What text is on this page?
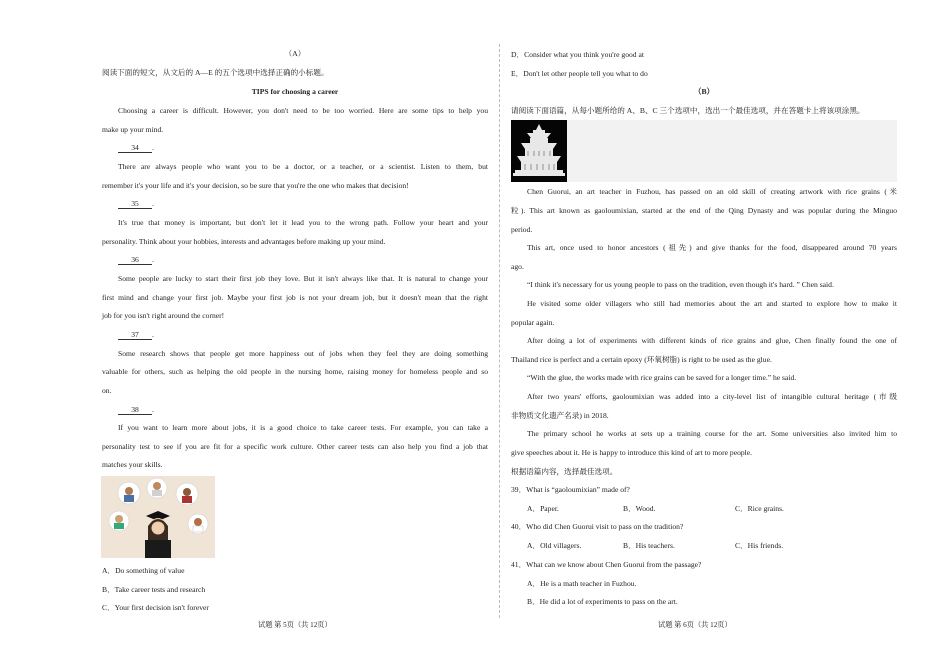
（A）
阅读下面的短文，从文后的 A—E 的五个选项中选择正确的小标题。
TIPS for choosing a career
Choosing a career is difficult. However, you don't need to be too worried. Here are some tips to help you
make up your mind.
34 .
There are always people who want you to be a doctor, or a teacher, or a scientist. Listen to them, but
remember it's your life and it's your decision, so be sure that you're the one who makes that decision!
35 .
It's true that money is important, but don't let it lead you to the wrong path. Follow your heart and your
personality. Think about your hobbies, interests and advantages before making up your mind.
36 .
Some people are lucky to start their first job they love. But it isn't always like that. It is natural to change your
first mind and change your first job. Maybe your first job is not your dream job, but it doesn't mean that the right
job for you isn't right around the corner!
37 .
Some research shows that people get more happiness out of jobs when they feel they are doing something
valuable for others, such as helping the old people in the nursing home, raising money for homeless people and so
on.
38 .
If you want to learn more about jobs, it is a good choice to take career tests. For example, you can take a
personality test to see if you are fit for a specific work culture. Other career tests can also help you find a job that
matches your skills.
A．Do something of value
B．Take career tests and research
C．Your first decision isn't forever
D．Consider what you think you're good at
E．Don't let other people tell you what to do
（B）
请阅读下面语篇，从每小题所给的 A、B、C 三个选项中，选出一个最佳选项，并在答题卡上将该项涂黑。
Chen Guorui, an art teacher in Fuzhou, has passed on an old skill of creating artwork with rice grains (米
粒). This art known as gaoloumixian, started at the end of the Qing Dynasty and was popular during the Minguo
period.
This art, once used to honor ancestors (祖先) and give thanks for the food, disappeared around 70 years
ago.
“I think it's necessary for us young people to pass on the tradition, even though it's hard. ” Chen said.
He visited some older villagers who still had memories about the art and started to explore how to make it
popular again.
After doing a lot of experiments with different kinds of rice grains and glue, Chen finally found the one of
Thailand rice is perfect and a certain epoxy (环氧树脂) is right to be used as the glue.
“With the glue, the works made with rice grains can be saved for a longer time.” he said.
After two years' efforts, gaoloumixian was added into a city-level list of intangible cultural heritage (市级
非物质文化遗产名录) in 2018.
The primary school he works at sets up a training course for the art. Some universities also invited him to
give speeches about it. He is happy to introduce this kind of art to more people.
根据语篇内容，选择最佳选项。
39．What is “gaoloumixian” made of?
A．Paper.	B．Wood.	C．Rice grains.
40．Who did Chen Guorui visit to pass on the tradition?
A．Old villagers.	B．His teachers.	C．His friends.
41．What can we know about Chen Guorui from the passage?
A．He is a math teacher in Fuzhou.
B．He did a lot of experiments to pass on the art.
试题 第 5页（共 12页）	试题 第 6页（共 12页）
